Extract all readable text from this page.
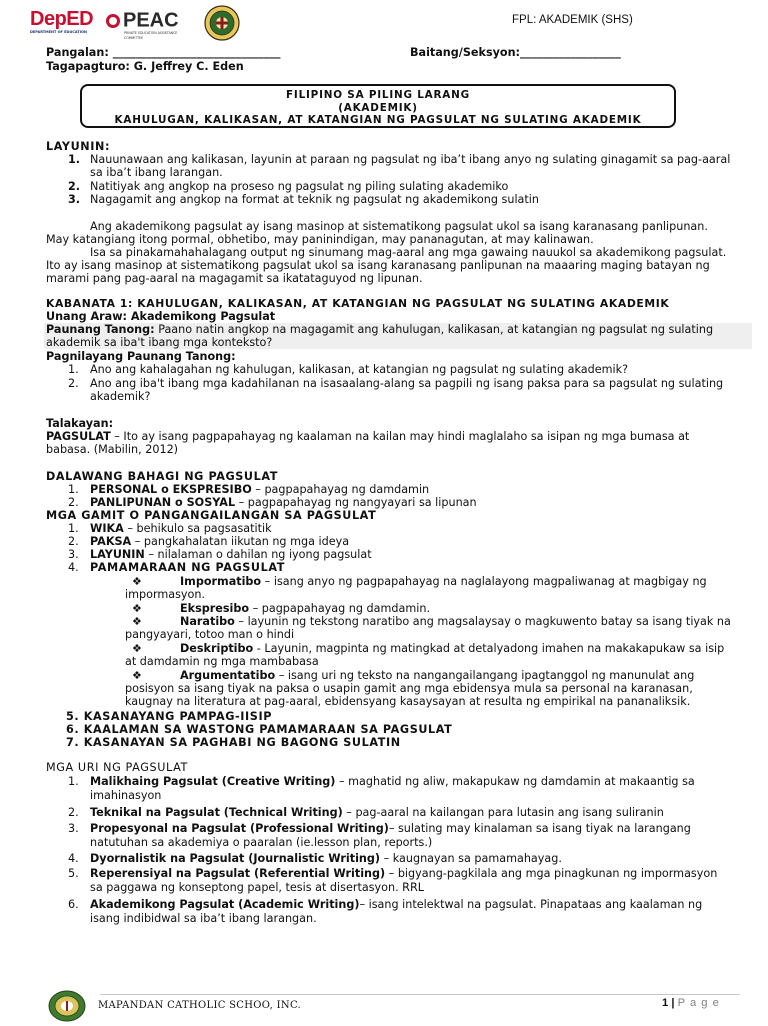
DepED
DEPARTMENT OF EDUCATION
PEAC
PRIVATE EDUCATION ASSISTANCE COMMITTEE
FPL: AKADEMIK (SHS)
Pangalan: ______________________________	Baitang/Seksyon:__________________
Tagapagturo: G. Jeffrey C. Eden
FILIPINO SA PILING LARANG
(AKADEMIK)
KAHULUGAN, KALIKASAN, AT KATANGIAN NG PAGSULAT NG SULATING AKADEMIK
LAYUNIN:
1. Nauunawaan ang kalikasan, layunin at paraan ng pagsulat ng iba’t ibang anyo ng sulating ginagamit sa pag-aaral
sa iba’t ibang larangan.
2. Natitiyak ang angkop na proseso ng pagsulat ng piling sulating akademiko
3. Nagagamit ang angkop na format at teknik ng pagsulat ng akademikong sulatin
Ang akademikong pagsulat ay isang masinop at sistematikong pagsulat ukol sa isang karanasang panlipunan.
May katangiang itong pormal, obhetibo, may paninindigan, may pananagutan, at may kalinawan.
Isa sa pinakamahahalagang output ng sinumang mag-aaral ang mga gawaing nauukol sa akademikong pagsulat.
Ito ay isang masinop at sistematikong pagsulat ukol sa isang karanasang panlipunan na maaaring maging batayan ng
marami pang pag-aaral na magagamit sa ikatataguyod ng lipunan.
KABANATA 1: KAHULUGAN, KALIKASAN, AT KATANGIAN NG PAGSULAT NG SULATING AKADEMIK
Unang Araw: Akademikong Pagsulat
Paunang Tanong: Paano natin angkop na magagamit ang kahulugan, kalikasan, at katangian ng pagsulat ng sulating
akademik sa iba't ibang mga konteksto?
Pagnilayang Paunang Tanong:
1. Ano ang kahalagahan ng kahulugan, kalikasan, at katangian ng pagsulat ng sulating akademik?
2. Ano ang iba't ibang mga kadahilanan na isasaalang-alang sa pagpili ng isang paksa para sa pagsulat ng sulating
akademik?
Talakayan:
PAGSULAT – Ito ay isang pagpapahayag ng kaalaman na kailan may hindi maglalaho sa isipan ng mga bumasa at
babasa. (Mabilin, 2012)
DALAWANG BAHAGI NG PAGSULAT
1. PERSONAL o EKSPRESIBO – pagpapahayag ng damdamin
2. PANLIPUNAN o SOSYAL – pagpapahayag ng nangyayari sa lipunan
MGA GAMIT O PANGANGAILANGAN SA PAGSULAT
1. WIKA – behikulo sa pagsasatitik
2. PAKSA – pangkahalatan iikutan ng mga ideya
3. LAYUNIN – nilalaman o dahilan ng iyong pagsulat
4. PAMAMARAAN NG PAGSULAT
❖	Impormatibo – isang anyo ng pagpapahayag na naglalayong magpaliwanag at magbigay ng
impormasyon.
❖	Ekspresibo – pagpapahayag ng damdamin.
❖	Naratibo – layunin ng tekstong naratibo ang magsalaysay o magkuwento batay sa isang tiyak na
pangyayari, totoo man o hindi
❖	Deskriptibo - Layunin, magpinta ng matingkad at detalyadong imahen na makakapukaw sa isip
at damdamin ng mga mambabasa
❖	Argumentatibo – isang uri ng teksto na nangangailangang ipagtanggol ng manunulat ang
posisyon sa isang tiyak na paksa o usapin gamit ang mga ebidensya mula sa personal na karanasan,
kaugnay na literatura at pag-aaral, ebidensyang kasaysayan at resulta ng empirikal na pananaliksik.
5. KASANAYANG PAMPAG-IISIP
6. KAALAMAN SA WASTONG PAMAMARAAN SA PAGSULAT
7. KASANAYAN SA PAGHABI NG BAGONG SULATIN
MGA URI NG PAGSULAT
1. Malikhaing Pagsulat (Creative Writing) – maghatid ng aliw, makapukaw ng damdamin at makaantig sa
imahinasyon
2. Teknikal na Pagsulat (Technical Writing) – pag-aaral na kailangan para lutasin ang isang suliranin
3. Propesyonal na Pagsulat (Professional Writing)– sulating may kinalaman sa isang tiyak na larangang
natutuhan sa akademiya o paaralan (ie.lesson plan, reports.)
4. Dyornalistik na Pagsulat (Journalistic Writing) – kaugnayan sa pamamahayag.
5. Reperensiyal na Pagsulat (Referential Writing) – bigyang-pagkilala ang mga pinagkunan ng impormasyon
sa paggawa ng konseptong papel, tesis at disertasyon. RRL
6. Akademikong Pagsulat (Academic Writing)– isang intelektwal na pagsulat. Pinapataas ang kaalaman ng
isang indibidwal sa iba’t ibang larangan.
MAPANDAN CATHOLIC SCHOO, INC.	1 | P a g e
